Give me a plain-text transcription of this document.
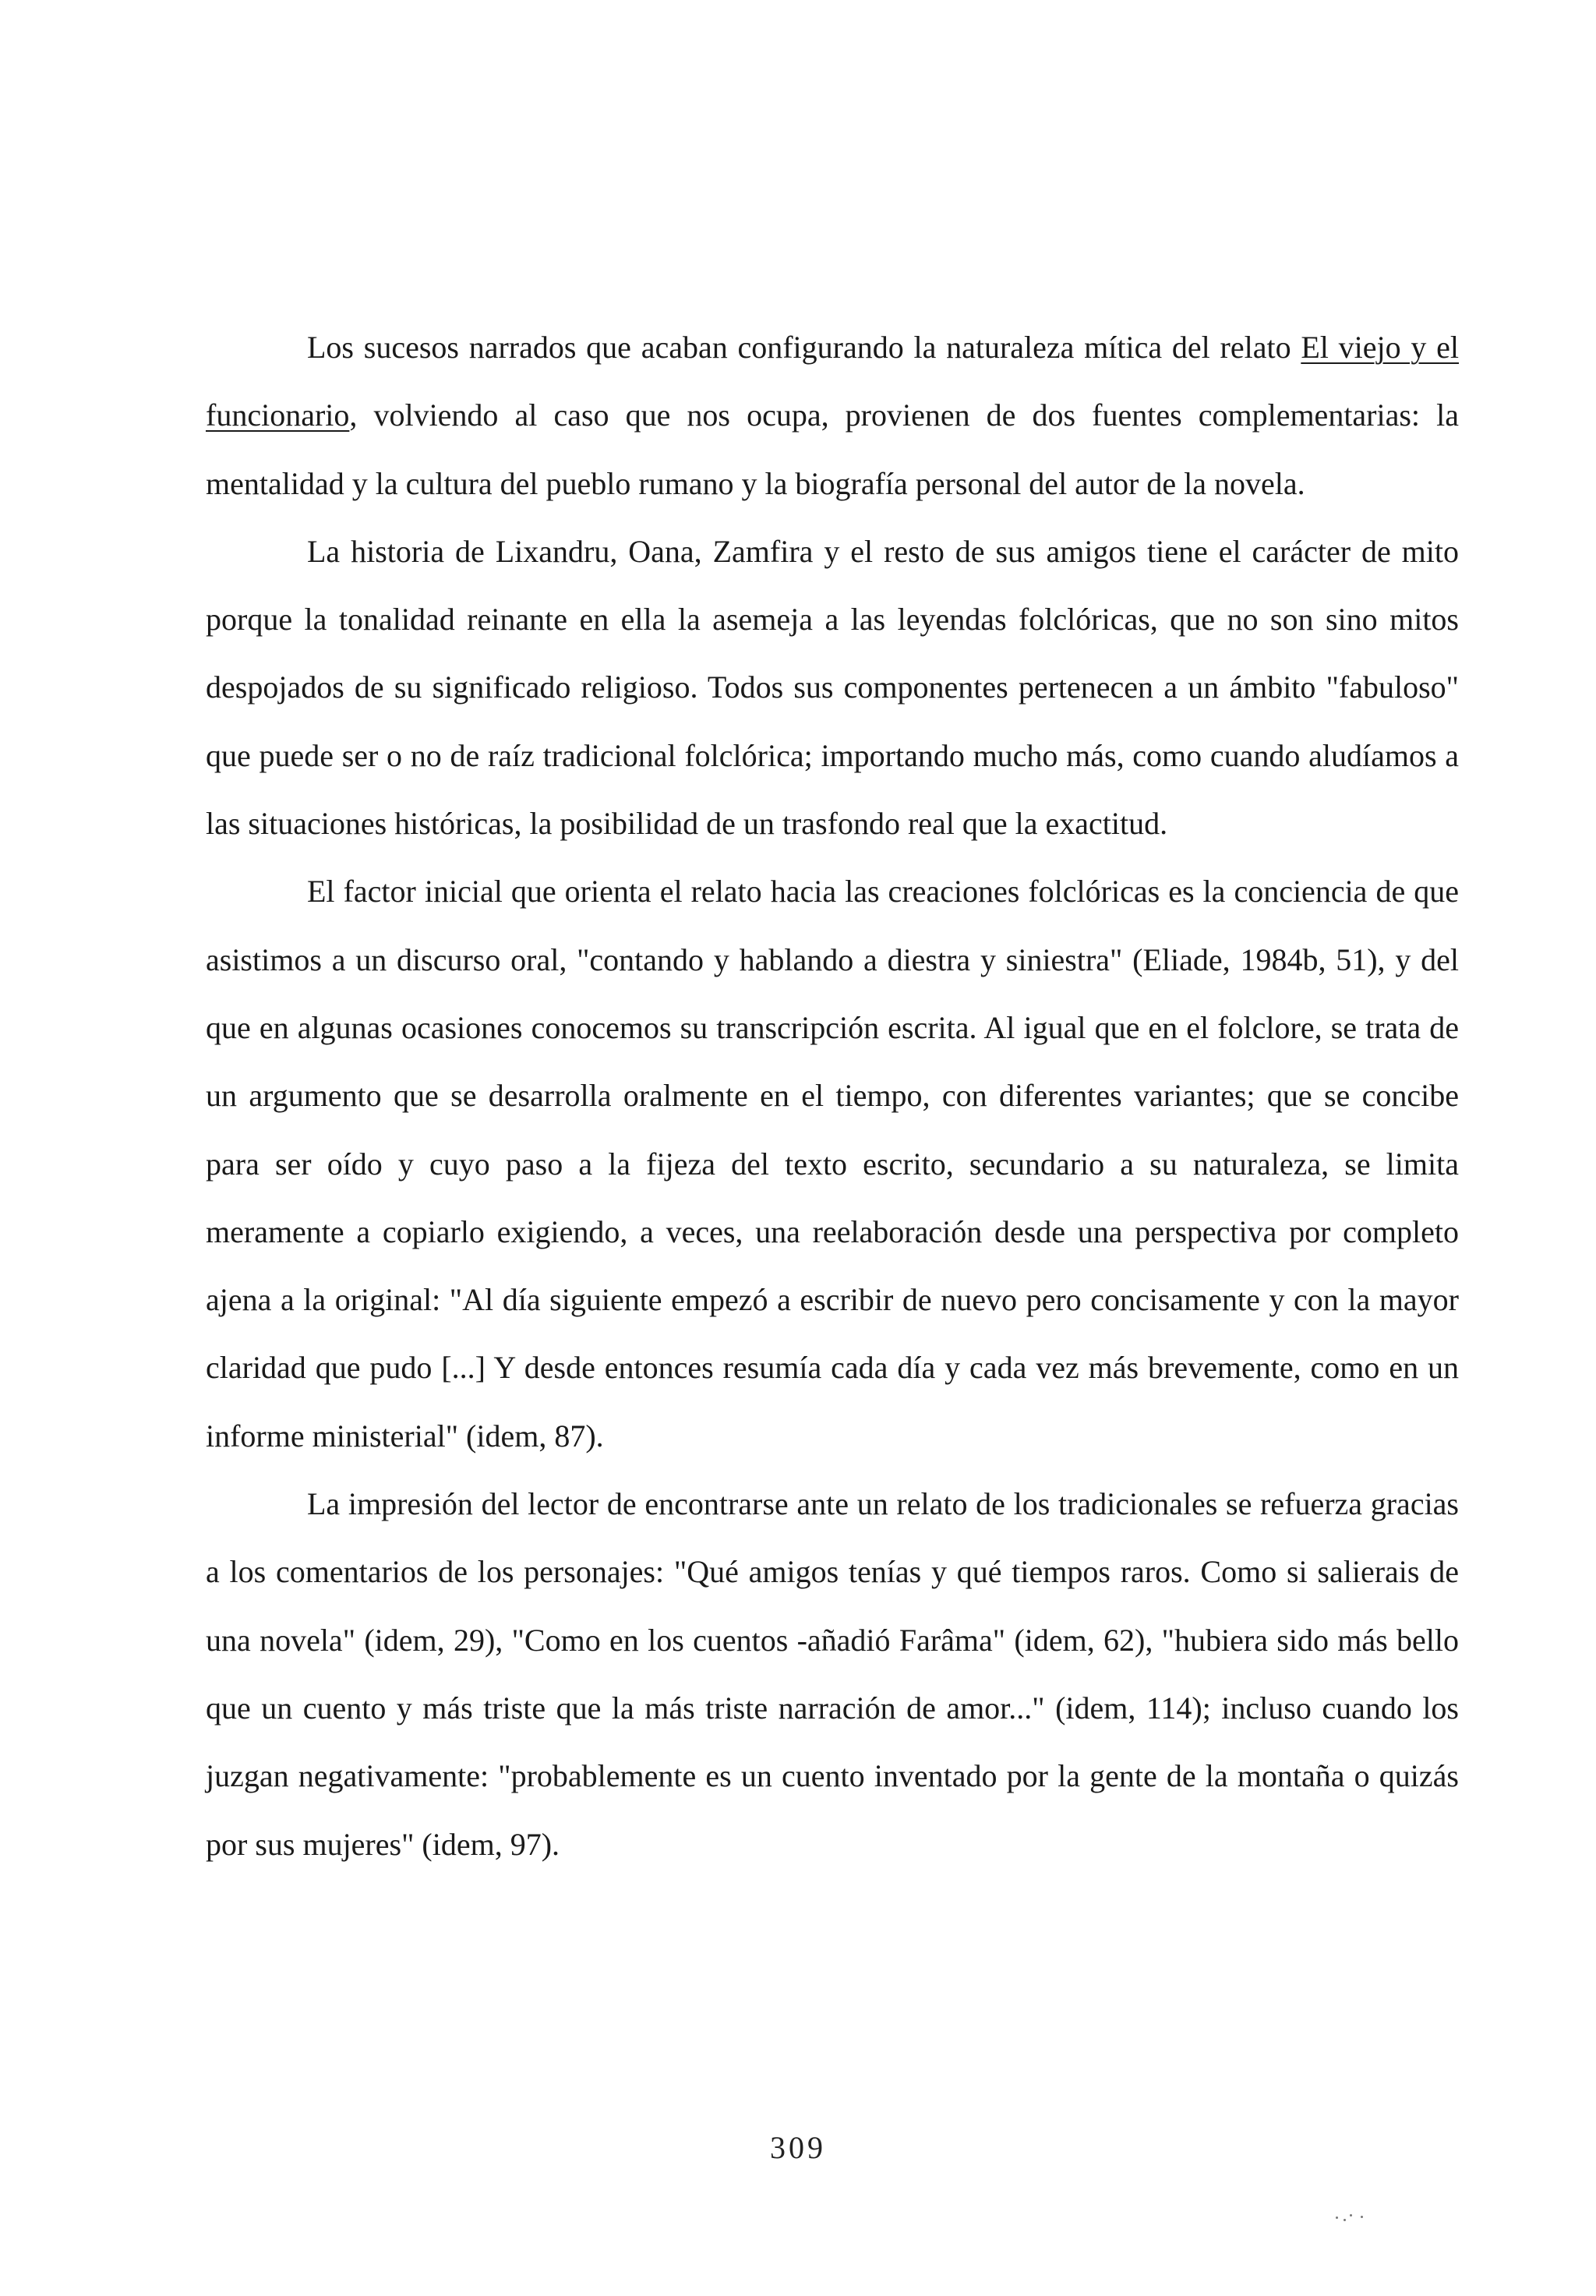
Los sucesos narrados que acaban configurando la naturaleza mítica del relato El viejo y el funcionario, volviendo al caso que nos ocupa, provienen de dos fuentes complementarias: la mentalidad y la cultura del pueblo rumano y la biografía personal del autor de la novela.

La historia de Lixandru, Oana, Zamfira y el resto de sus amigos tiene el carácter de mito porque la tonalidad reinante en ella la asemeja a las leyendas folclóricas, que no son sino mitos despojados de su significado religioso. Todos sus componentes pertenecen a un ámbito "fabuloso" que puede ser o no de raíz tradicional folclórica; importando mucho más, como cuando aludíamos a las situaciones históricas, la posibilidad de un trasfondo real que la exactitud.

El factor inicial que orienta el relato hacia las creaciones folclóricas es la conciencia de que asistimos a un discurso oral, "contando y hablando a diestra y siniestra" (Eliade, 1984b, 51), y del que en algunas ocasiones conocemos su transcripción escrita. Al igual que en el folclore, se trata de un argumento que se desarrolla oralmente en el tiempo, con diferentes variantes; que se concibe para ser oído y cuyo paso a la fijeza del texto escrito, secundario a su naturaleza, se limita meramente a copiarlo exigiendo, a veces, una reelaboración desde una perspectiva por completo ajena a la original: "Al día siguiente empezó a escribir de nuevo pero concisamente y con la mayor claridad que pudo [...] Y desde entonces resumía cada día y cada vez más brevemente, como en un informe ministerial" (idem, 87).

La impresión del lector de encontrarse ante un relato de los tradicionales se refuerza gracias a los comentarios de los personajes: "Qué amigos tenías y qué tiempos raros. Como si salierais de una novela" (idem, 29), "Como en los cuentos -añadió Farâma" (idem, 62), "hubiera sido más bello que un cuento y más triste que la más triste narración de amor..." (idem, 114); incluso cuando los juzgan negativamente: "probablemente es un cuento inventado por la gente de la montaña o quizás por sus mujeres" (idem, 97).

309
